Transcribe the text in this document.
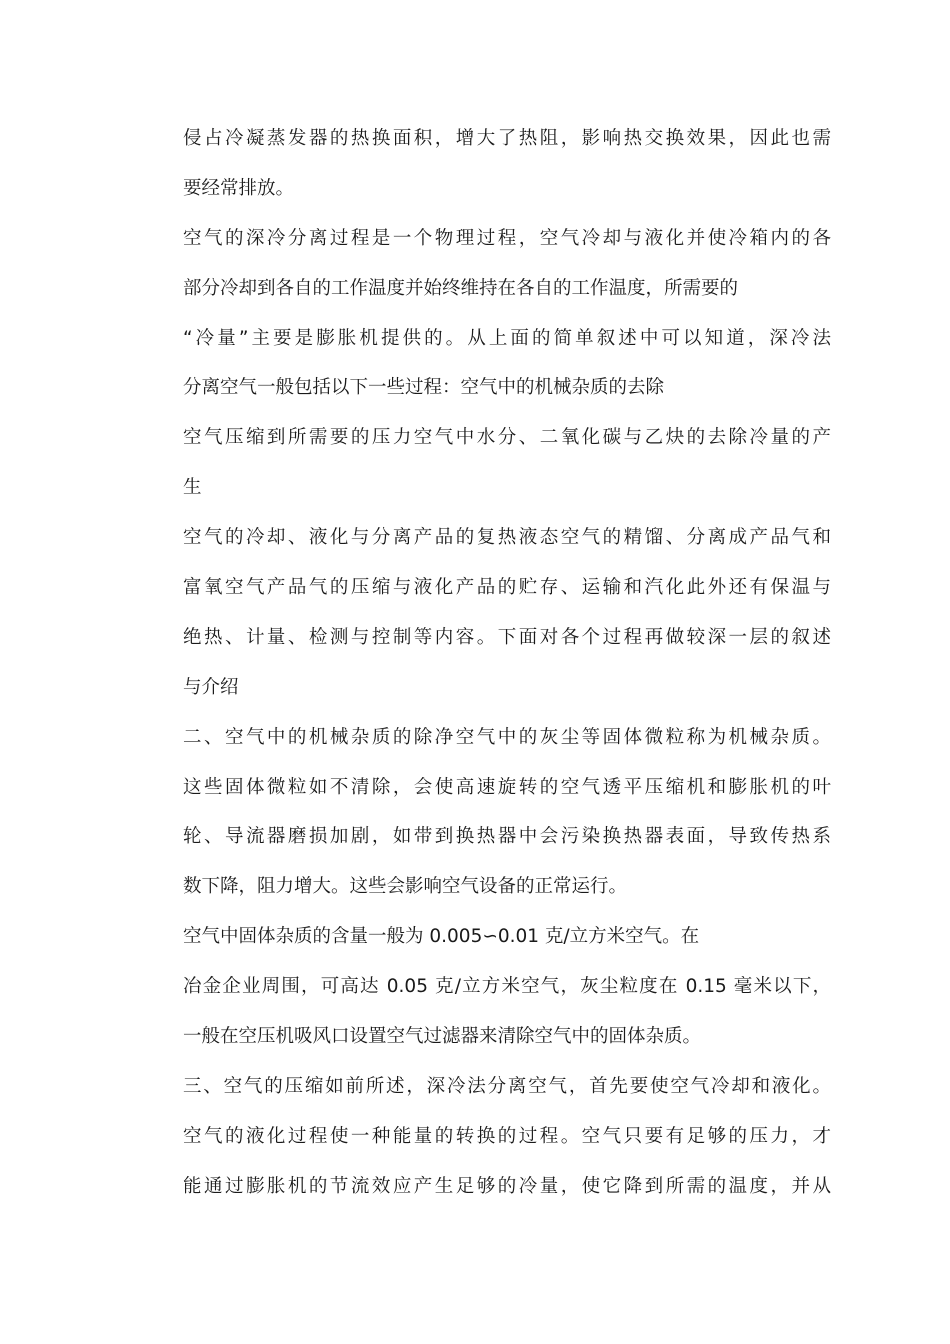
侵占冷凝蒸发器的热换面积，增大了热阻，影响热交换效果，因此也需
要经常排放。
空气的深冷分离过程是一个物理过程，空气冷却与液化并使冷箱内的各
部分冷却到各自的工作温度并始终维持在各自的工作温度，所需要的
“冷量”主要是膨胀机提供的。从上面的简单叙述中可以知道，深冷法
分离空气一般包括以下一些过程：空气中的机械杂质的去除
空气压缩到所需要的压力空气中水分、二氧化碳与乙炔的去除冷量的产
生
空气的冷却、液化与分离产品的复热液态空气的精馏、分离成产品气和
富氧空气产品气的压缩与液化产品的贮存、运输和汽化此外还有保温与
绝热、计量、检测与控制等内容。下面对各个过程再做较深一层的叙述
与介绍
二、空气中的机械杂质的除净空气中的灰尘等固体微粒称为机械杂质。
这些固体微粒如不清除，会使高速旋转的空气透平压缩机和膨胀机的叶
轮、导流器磨损加剧，如带到换热器中会污染换热器表面，导致传热系
数下降，阻力增大。这些会影响空气设备的正常运行。
空气中固体杂质的含量一般为 0.005∽0.01 克/立方米空气。在
冶金企业周围，可高达 0.05 克/立方米空气，灰尘粒度在 0.15 毫米以下，
一般在空压机吸风口设置空气过滤器来清除空气中的固体杂质。
三、空气的压缩如前所述，深冷法分离空气，首先要使空气冷却和液化。
空气的液化过程使一种能量的转换的过程。空气只要有足够的压力，才
能通过膨胀机的节流效应产生足够的冷量，使它降到所需的温度，并从
